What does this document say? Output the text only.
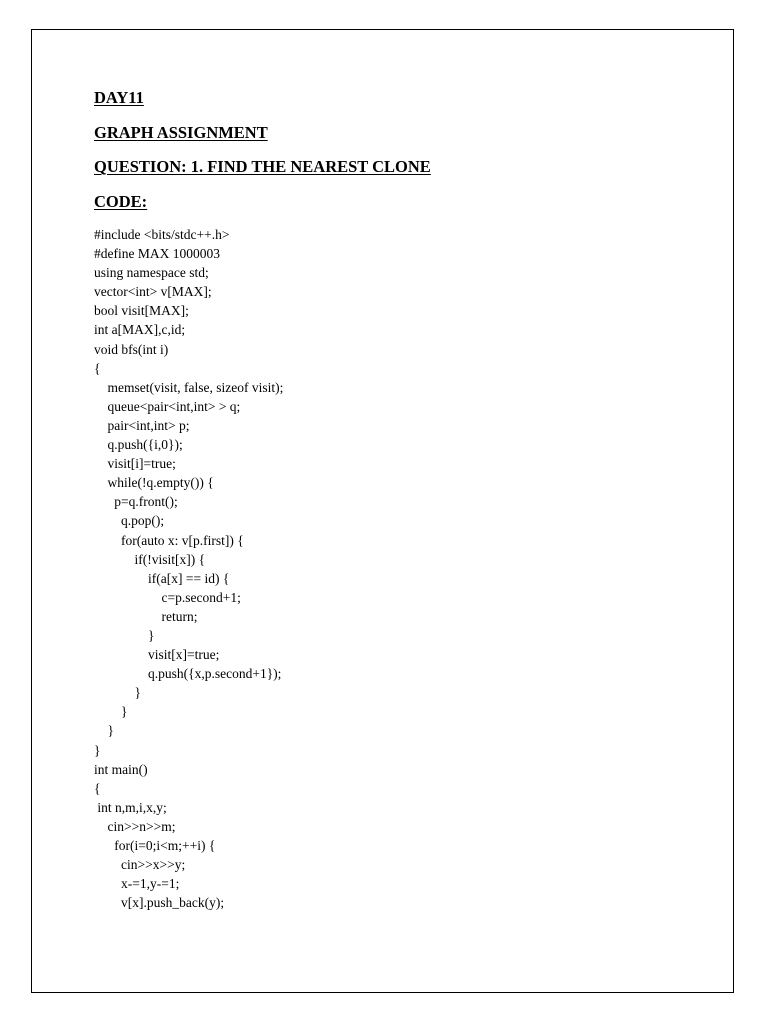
DAY11
GRAPH ASSIGNMENT
QUESTION: 1. FIND THE NEAREST CLONE
CODE:
#include <bits/stdc++.h>
#define MAX 1000003
using namespace std;
vector<int> v[MAX];
bool visit[MAX];
int a[MAX],c,id;
void bfs(int i)
{
memset(visit, false, sizeof visit);
queue<pair<int,int> > q;
pair<int,int> p;
q.push({i,0});
visit[i]=true;
while(!q.empty()) {
p=q.front();
q.pop();
for(auto x: v[p.first]) {
if(!visit[x]) {
if(a[x] == id) {
c=p.second+1;
return;
}
visit[x]=true;
q.push({x,p.second+1});
}
}
}
}
int main()
{
int n,m,i,x,y;
cin>>n>>m;
for(i=0;i<m;++i) {
cin>>x>>y;
x-=1,y-=1;
v[x].push_back(y);
